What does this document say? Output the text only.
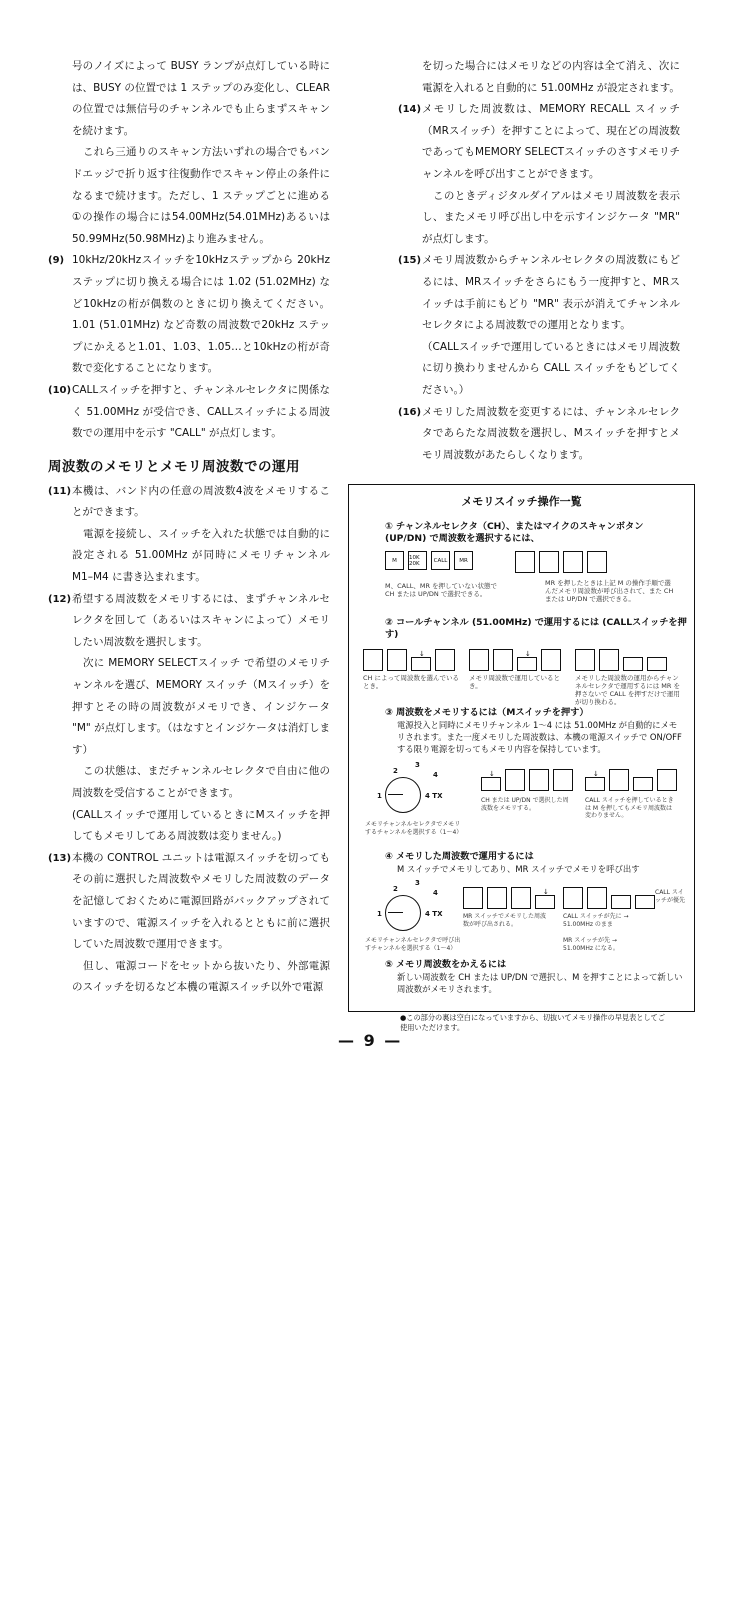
号のノイズによって BUSY ランプが点灯している時には、BUSY の位置では 1 ステップのみ変化し、CLEAR の位置では無信号のチャンネルでも止らまずスキャンを続けます。

これら三通りのスキャン方法いずれの場合でもバンドエッジで折り返す往復動作でスキャン停止の条件になるまで続けます。ただし、1 ステップごとに進める①の操作の場合には54.00MHz(54.01MHz)あるいは50.99MHz(50.98MHz)より進みません。

(9) 10kHz/20kHzスイッチを10kHzステップから 20kHz ステップに切り換える場合には 1.02 (51.02MHz) など10kHzの桁が偶数のときに切り換えてください。1.01 (51.01MHz) など奇数の周波数で20kHz ステップにかえると1.01、1.03、1.05…と10kHzの桁が奇数で変化することになります。
(10) CALLスイッチを押すと、チャンネルセレクタに関係なく 51.00MHz が受信でき、CALLスイッチによる周波数での運用中を示す "CALL" が点灯します。
周波数のメモリとメモリ周波数での運用
(11) 本機は、バンド内の任意の周波数4波をメモリすることができます。

電源を接続し、スイッチを入れた状態では自動的に設定される 51.00MHz が同時にメモリチャンネル M1–M4 に書き込まれます。

(12) 希望する周波数をメモリするには、まずチャンネルセレクタを回して（あるいはスキャンによって）メモリしたい周波数を選択します。

次に MEMORY SELECTスイッチ で希望のメモリチャンネルを選び、MEMORY スイッチ（Mスイッチ）を押すとその時の周波数がメモリでき、インジケータ "M" が点灯します。（はなすとインジケータは消灯します）

この状態は、まだチャンネルセレクタで自由に他の周波数を受信することができます。

(CALLスイッチで運用しているときにMスイッチを押してもメモリしてある周波数は変りません。)

(13) 本機の CONTROL ユニットは電源スイッチを切ってもその前に選択した周波数やメモリした周波数のデータを記憶しておくために電源回路がバックアップされていますので、電源スイッチを入れるとともに前に選択していた周波数で運用できます。

但し、電源コードをセットから抜いたり、外部電源のスイッチを切るなど本機の電源スイッチ以外で電源

を切った場合にはメモリなどの内容は全て消え、次に電源を入れると自動的に 51.00MHz が設定されます。

(14) メモリした周波数は、MEMORY RECALL スイッチ（MRスイッチ）を押すことによって、現在どの周波数であってもMEMORY SELECTスイッチのさすメモリチャンネルを呼び出すことができます。

このときディジタルダイアルはメモリ周波数を表示し、またメモリ呼び出し中を示すインジケータ "MR" が点灯します。

(15) メモリ周波数からチャンネルセレクタの周波数にもどるには、MRスイッチをさらにもう一度押すと、MRスイッチは手前にもどり "MR" 表示が消えてチャンネルセレクタによる周波数での運用となります。

（CALLスイッチで運用しているときにはメモリ周波数に切り換わりませんから CALL スイッチをもどしてください。）

(16) メモリした周波数を変更するには、チャンネルセレクタであらたな周波数を選択し、Mスイッチを押すとメモリ周波数があたらしくなります。
メモリスイッチ操作一覧
① チャンネルセレクタ（CH）、またはマイクのスキャンボタン (UP/DN) で周波数を選択するには、
M	10K 20K	CALL	MR
M、CALL、MR を押していない状態で CH または UP/DN で選択できる。
MR を押したときは上記 M の操作手順で選んだメモリ周波数が呼び出されて、また CH または UP/DN で選択できる。
② コールチャンネル (51.00MHz) で運用するには (CALLスイッチを押す)
↓	↓
CH によって周波数を選んでいるとき。
メモリ周波数で運用しているとき。
メモリした周波数の運用からチャンネルセレクタで運用するには MR を押さないで CALL を押すだけで運用が切り換わる。
③ 周波数をメモリするには（Mスイッチを押す）
電源投入と同時にメモリチャンネル 1～4 には 51.00MHz が自動的にメモリされます。また一度メモリした周波数は、本機の電源スイッチで ON/OFF する限り電源を切ってもメモリ内容を保持しています。
1
2
3
4
4 TX
メモリチャンネルセレクタでメモリするチャンネルを選択する（1～4）
↓	↓
CH または UP/DN で選択した周波数をメモリする。
CALL スイッチを押しているときは M を押してもメモリ周波数は変わりません。
④ メモリした周波数で運用するには
M スイッチでメモリしてあり、MR スイッチでメモリを呼び出す
1
2
3
4
4 TX
メモリチャンネルセレクタで呼び出すチャンネルを選択する（1～4）
↓
MR スイッチでメモリした周波数が呼び出される。
CALL スイッチが先に → 51.00MHz のまま
MR スイッチが先 → 51.00MHz になる。
CALL スイッチが優先
⑤ メモリ周波数をかえるには
新しい周波数を CH または UP/DN で選択し、M を押すことによって新しい周波数がメモリされます。
●この部分の裏は空白になっていますから、切抜いてメモリ操作の早見表としてご使用いただけます。
— 9 —
